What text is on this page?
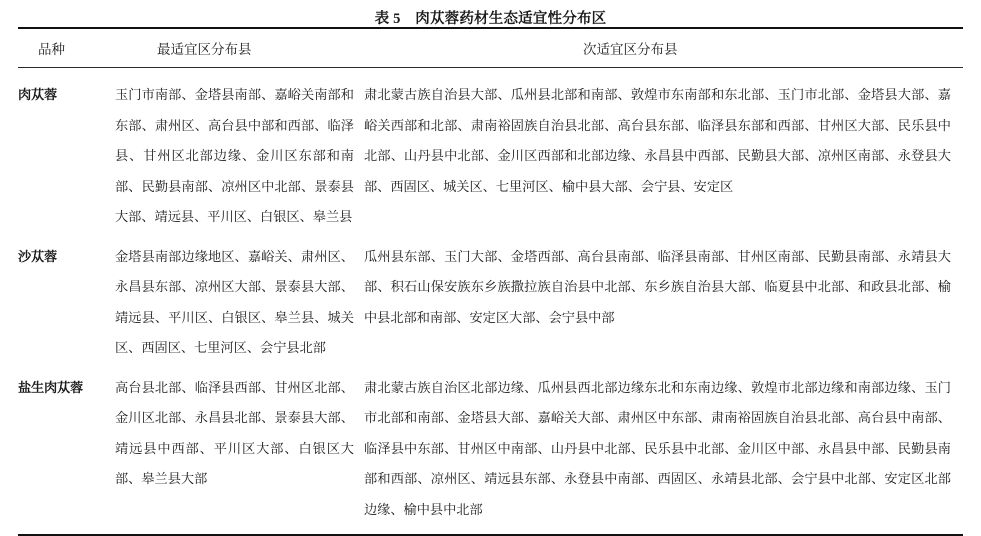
表 5　肉苁蓉药材生态适宜性分布区
品种	最适宜区分布县	次适宜区分布县

肉苁蓉	玉门市南部、金塔县南部、嘉峪关南部和东部、肃州区、高台县中部和西部、临泽县、甘州区北部边缘、金川区东部和南部、民勤县南部、凉州区中北部、景泰县大部、靖远县、平川区、白银区、皋兰县	肃北蒙古族自治县大部、瓜州县北部和南部、敦煌市东南部和东北部、玉门市北部、金塔县大部、嘉峪关西部和北部、肃南裕固族自治县北部、高台县东部、临泽县东部和西部、甘州区大部、民乐县中北部、山丹县中北部、金川区西部和北部边缘、永昌县中西部、民勤县大部、凉州区南部、永登县大部、西固区、城关区、七里河区、榆中县大部、会宁县、安定区

沙苁蓉	金塔县南部边缘地区、嘉峪关、肃州区、永昌县东部、凉州区大部、景泰县大部、靖远县、平川区、白银区、皋兰县、城关区、西固区、七里河区、会宁县北部	瓜州县东部、玉门大部、金塔西部、高台县南部、临泽县南部、甘州区南部、民勤县南部、永靖县大部、积石山保安族东乡族撒拉族自治县中北部、东乡族自治县大部、临夏县中北部、和政县北部、榆中县北部和南部、安定区大部、会宁县中部

盐生肉苁蓉	高台县北部、临泽县西部、甘州区北部、金川区北部、永昌县北部、景泰县大部、靖远县中西部、平川区大部、白银区大部、皋兰县大部	肃北蒙古族自治区北部边缘、瓜州县西北部边缘东北和东南边缘、敦煌市北部边缘和南部边缘、玉门市北部和南部、金塔县大部、嘉峪关大部、肃州区中东部、肃南裕固族自治县北部、高台县中南部、临泽县中东部、甘州区中南部、山丹县中北部、民乐县中北部、金川区中部、永昌县中部、民勤县南部和西部、凉州区、靖远县东部、永登县中南部、西固区、永靖县北部、会宁县中北部、安定区北部边缘、榆中县中北部
